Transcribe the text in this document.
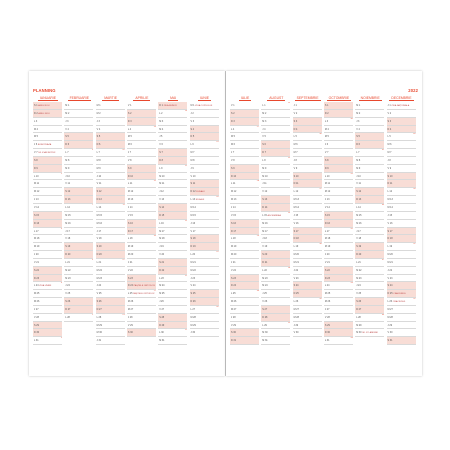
PLANNING
IANUARIE
S 1 ANUL NOU
D 2 ANUL NOU
L 3
M 4
M 5
J 6 BOBOTEAZA
V 7 SF. IOAN BOTEZ.
S 8
D 9
L 10
2
M 11
M 12
J 13
V 14
S 15
D 16
L 17
3
M 18
M 19
J 20
V 21
S 22
D 23
L 24 ZIUA UNIRII
4
M 25
M 26
J 27
V 28
S 29
D 30
L 31
5
FEBRUARIE
M 1
M 2
J 3
V 4
S 5
D 6
L 7
6
M 8
M 9
J 10
V 11
S 12
D 13
L 14
7
M 15
M 16
J 17
V 18
S 19
D 20
L 21
8
M 22
M 23
J 24
V 25
S 26
D 27
L 28
9
MARTIE
M 1
M 2
J 3
V 4
S 5
D 6
L 7
10
M 8
M 9
J 10
V 11
S 12
D 13
L 14
11
M 15
M 16
J 17
V 18
S 19
D 20
L 21
12
M 22
M 23
J 24
V 25
S 26
D 27
L 28
13
M 29
M 30
J 31
APRILIE
V 1
S 2
D 3
L 4
14
M 5
M 6
J 7
V 8
S 9
D 10
L 11
15
M 12
M 13
J 14
V 15
S 16
D 17
L 18
16
M 19
M 20
J 21
V 22
S 23
D 24 PAȘTELE ORTODOX
L 25 PAȘTELE ORTODOX
17
M 26
M 27
J 28
V 29
S 30
MAI
D 1 ZIUA MUNCII
L 2
18
M 3
M 4
J 5
V 6
S 7
D 8
L 9
19
M 10
M 11
J 12
V 13
S 14
D 15
L 16
20
M 17
M 18
J 19
V 20
S 21
D 22
L 23
21
M 24
M 25
J 26
V 27
S 28
D 29
L 30
22
M 31
IUNIE
M 1 ZIUA COPILULUI
J 2
V 3
S 4
D 5
L 6
23
M 7
M 8
J 9
V 10
S 11
D 12 RUSALII
L 13 RUSALII
24
M 14
M 15
J 16
V 17
S 18
D 19
L 20
25
M 21
M 22
J 23
V 24
S 25
D 26
L 27
26
M 28
M 29
J 30
2022
IULIE
V 1
S 2
D 3
L 4
27
M 5
M 6
J 7
V 8
S 9
D 10
L 11
28
M 12
M 13
J 14
V 15
S 16
D 17
L 18
29
M 19
M 20
J 21
V 22
S 23
D 24
L 25
30
M 26
M 27
J 28
V 29
S 30
D 31
AUGUST
L 1
31
M 2
M 3
J 4
V 5
S 6
D 7
L 8
32
M 9
M 10
J 11
V 12
S 13
D 14
L 15 ADORMIREA
33
M 16
M 17
J 18
V 19
S 20
D 21
L 22
34
M 23
M 24
J 25
V 26
S 27
D 28
L 29
35
M 30
M 31
SEPTEMBRIE
J 1
V 2
S 3
D 4
L 5
36
M 6
M 7
J 8
V 9
S 10
D 11
L 12
37
M 13
M 14
J 15
V 16
S 17
D 18
L 19
38
M 20
M 21
J 22
V 23
S 24
D 25
L 26
39
M 27
M 28
J 29
V 30
OCTOMBRIE
S 1
D 2
L 3
40
M 4
M 5
J 6
V 7
S 8
D 9
L 10
41
M 11
M 12
J 13
V 14
S 15
D 16
L 17
42
M 18
M 19
J 20
V 21
S 22
D 23
L 24
43
M 25
M 26
J 27
V 28
S 29
D 30
L 31
44
NOIEMBRIE
M 1
M 2
J 3
V 4
S 5
D 6
L 7
45
M 8
M 9
J 10
V 11
S 12
D 13
L 14
46
M 15
M 16
J 17
V 18
S 19
D 20
L 21
47
M 22
M 23
J 24
V 25
S 26
D 27
L 28
48
M 29
M 30 SF. ST. ANDREI
DECEMBRIE
J 1 ZIUA NAȚIONALĂ
V 2
S 3
D 4
L 5
49
M 6
M 7
J 8
V 9
S 10
D 11
L 12
50
M 13
M 14
J 15
V 16
S 17
D 18
L 19
51
M 20
M 21
J 22
V 23
S 24
D 25 CRĂCIUNUL
L 26 CRĂCIUNUL
52
M 27
M 28
J 29
V 30
S 31
